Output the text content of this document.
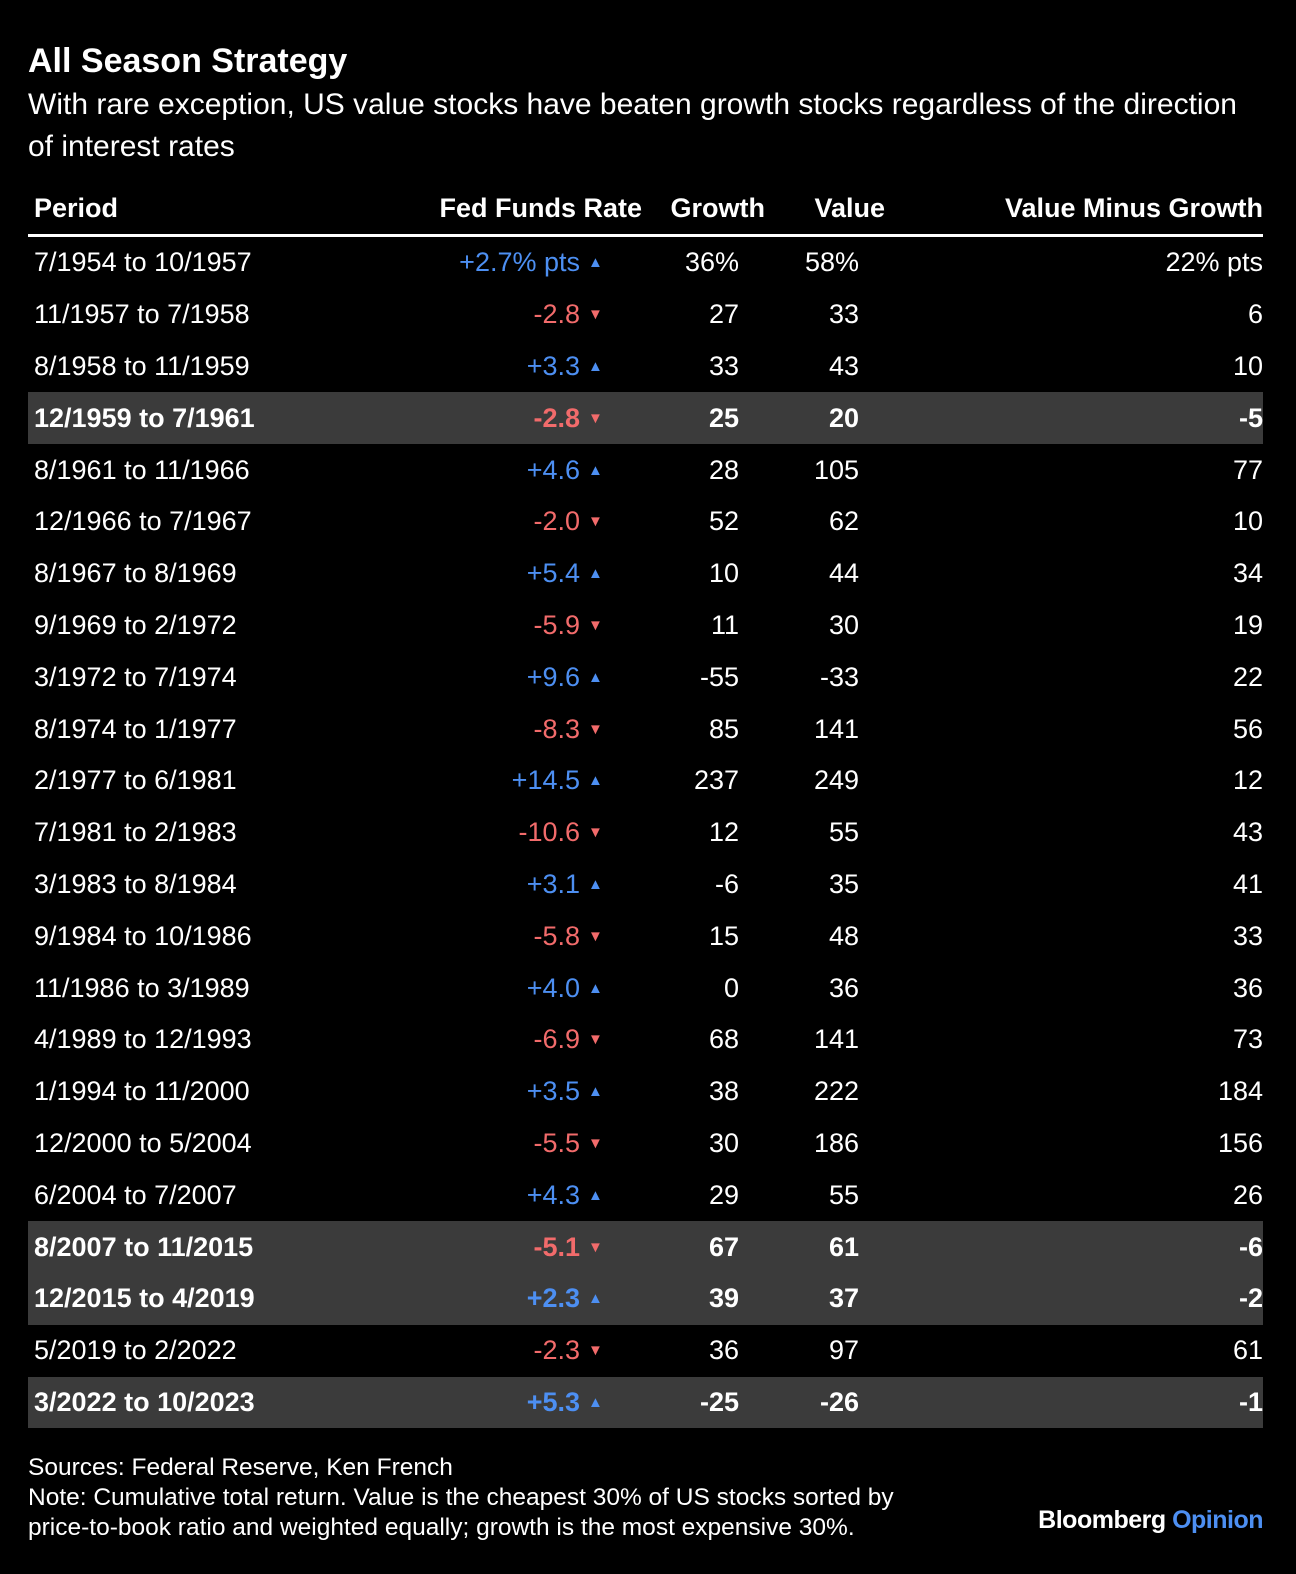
All Season Strategy

With rare exception, US value stocks have beaten growth stocks regardless of the direction of interest rates

Period	Fed Funds Rate		Growth	Value	Value Minus Growth
7/1954 to 10/1957	+2.7% pts	▲	36%	58%	22% pts
11/1957 to 7/1958	-2.8	▼	27	33	6
8/1958 to 11/1959	+3.3	▲	33	43	10
12/1959 to 7/1961	-2.8	▼	25	20	-5
8/1961 to 11/1966	+4.6	▲	28	105	77
12/1966 to 7/1967	-2.0	▼	52	62	10
8/1967 to 8/1969	+5.4	▲	10	44	34
9/1969 to 2/1972	-5.9	▼	11	30	19
3/1972 to 7/1974	+9.6	▲	-55	-33	22
8/1974 to 1/1977	-8.3	▼	85	141	56
2/1977 to 6/1981	+14.5	▲	237	249	12
7/1981 to 2/1983	-10.6	▼	12	55	43
3/1983 to 8/1984	+3.1	▲	-6	35	41
9/1984 to 10/1986	-5.8	▼	15	48	33
11/1986 to 3/1989	+4.0	▲	0	36	36
4/1989 to 12/1993	-6.9	▼	68	141	73
1/1994 to 11/2000	+3.5	▲	38	222	184
12/2000 to 5/2004	-5.5	▼	30	186	156
6/2004 to 7/2007	+4.3	▲	29	55	26
8/2007 to 11/2015	-5.1	▼	67	61	-6
12/2015 to 4/2019	+2.3	▲	39	37	-2
5/2019 to 2/2022	-2.3	▼	36	97	61
3/2022 to 10/2023	+5.3	▲	-25	-26	-1
Sources: Federal Reserve, Ken French
Note: Cumulative total return. Value is the cheapest 30% of US stocks sorted by
price-to-book ratio and weighted equally; growth is the most expensive 30%.	Bloomberg Opinion
